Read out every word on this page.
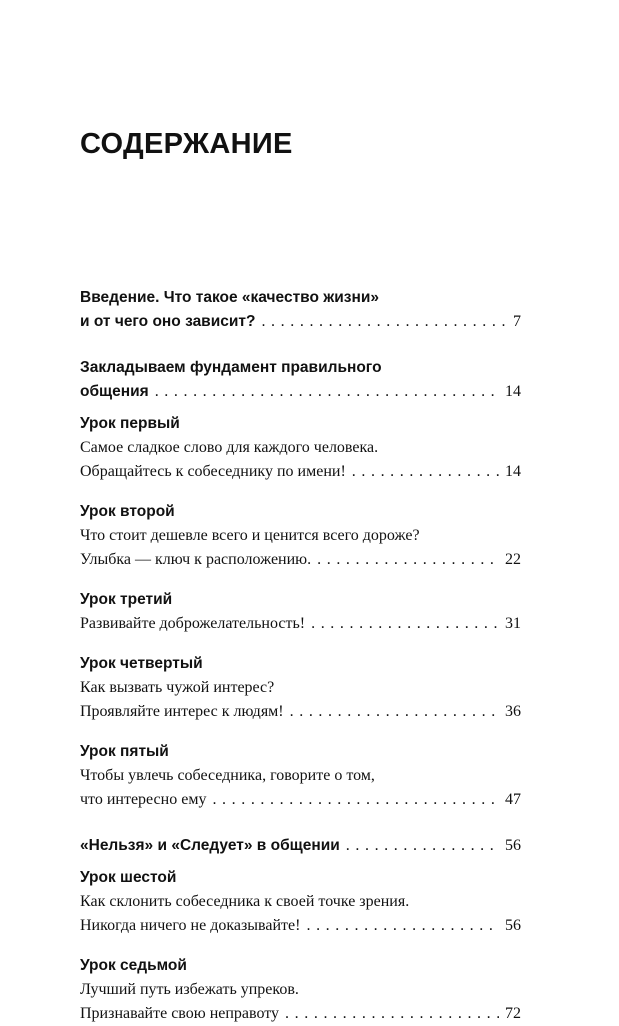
СОДЕРЖАНИЕ
Введение. Что такое «качество жизни»
и от чего оно зависит? . . .	7
Закладываем фундамент правильного
общения . . .	14
Урок первый
Самое сладкое слово для каждого человека.
Обращайтесь к собеседнику по имени! . . .	14
Урок второй
Что стоит дешевле всего и ценится всего дороже?
Улыбка — ключ к расположению. . . .	22
Урок третий
Развивайте доброжелательность! . . .	31
Урок четвертый
Как вызвать чужой интерес?
Проявляйте интерес к людям! . . .	36
Урок пятый
Чтобы увлечь собеседника, говорите о том,
что интересно ему . . .	47
«Нельзя» и «Следует» в общении . . .	56
Урок шестой
Как склонить собеседника к своей точке зрения.
Никогда ничего не доказывайте! . . .	56
Урок седьмой
Лучший путь избежать упреков.
Признавайте свою неправоту . . .	72
